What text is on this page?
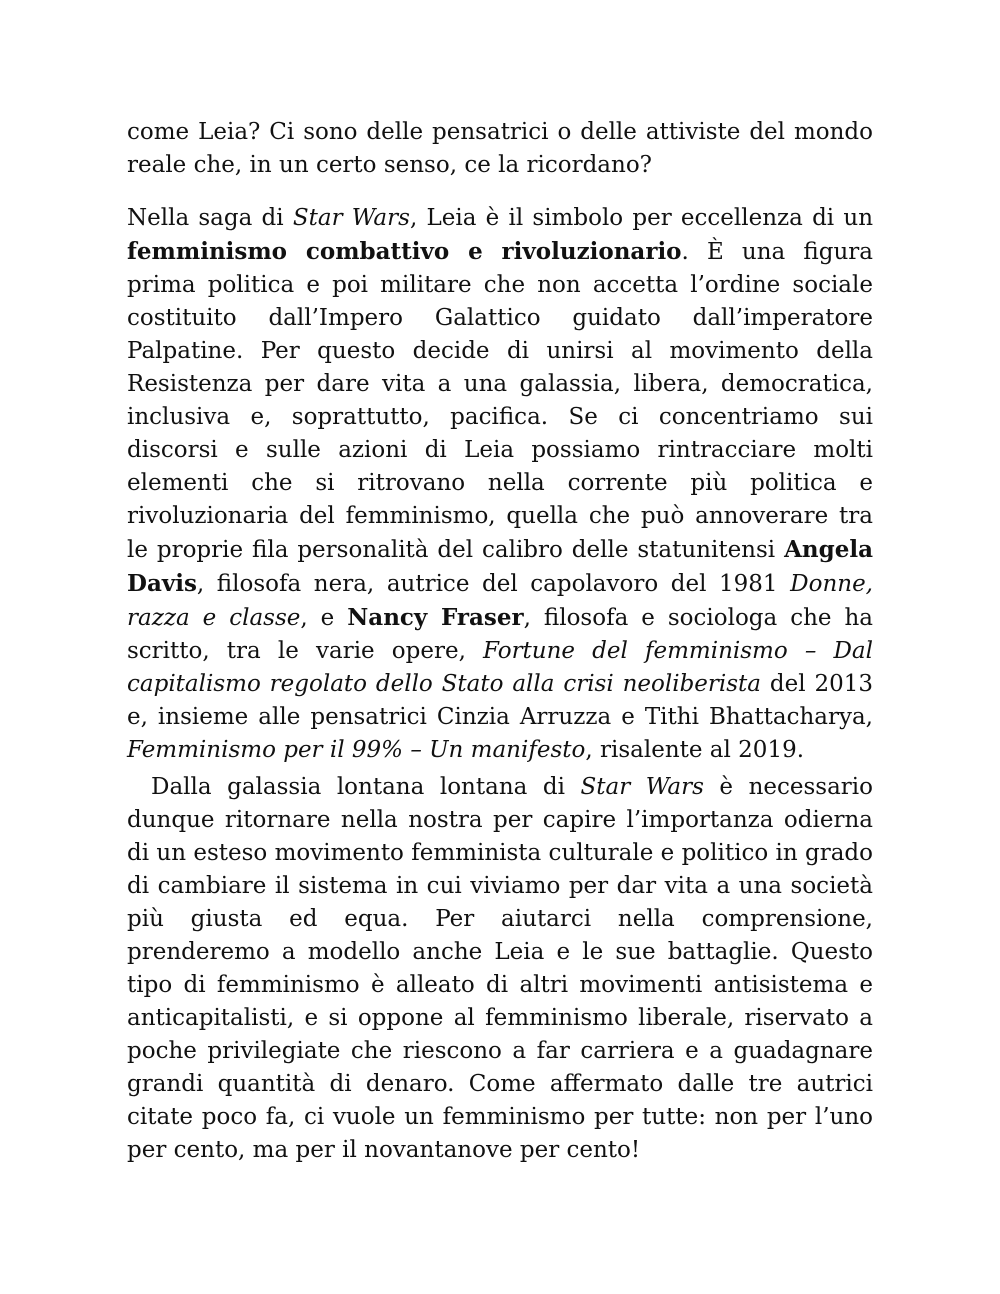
come Leia? Ci sono delle pensatrici o delle attiviste del mondo reale che, in un certo senso, ce la ricordano?

Nella saga di Star Wars, Leia è il simbolo per eccellenza di un femminismo combattivo e rivoluzionario. È una figura prima politica e poi militare che non accetta l’ordine sociale costituito dall’Impero Galattico guidato dall’imperatore Palpatine. Per questo decide di unirsi al movimento della Resistenza per dare vita a una galassia, libera, democratica, inclusiva e, soprattutto, pacifica. Se ci concentriamo sui discorsi e sulle azioni di Leia possiamo rintracciare molti elementi che si ritrovano nella corrente più politica e rivoluzionaria del femminismo, quella che può annoverare tra le proprie fila personalità del calibro delle statunitensi Angela Davis, filosofa nera, autrice del capolavoro del 1981 Donne, razza e classe, e Nancy Fraser, filosofa e sociologa che ha scritto, tra le varie opere, Fortune del femminismo – Dal capitalismo regolato dello Stato alla crisi neoliberista del 2013 e, insieme alle pensatrici Cinzia Arruzza e Tithi Bhattacharya, Femminismo per il 99% – Un manifesto, risalente al 2019.

Dalla galassia lontana lontana di Star Wars è necessario dunque ritornare nella nostra per capire l’importanza odierna di un esteso movimento femminista culturale e politico in grado di cambiare il sistema in cui viviamo per dar vita a una società più giusta ed equa. Per aiutarci nella comprensione, prenderemo a modello anche Leia e le sue battaglie. Questo tipo di femminismo è alleato di altri movimenti antisistema e anticapitalisti, e si oppone al femminismo liberale, riservato a poche privilegiate che riescono a far carriera e a guadagnare grandi quantità di denaro. Come affermato dalle tre autrici citate poco fa, ci vuole un femminismo per tutte: non per l’uno per cento, ma per il novantanove per cento!
